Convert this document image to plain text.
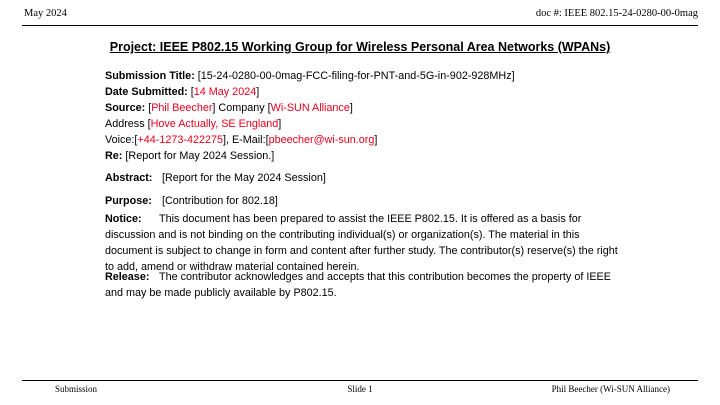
May 2024	doc #: IEEE 802.15-24-0280-00-0mag
Project: IEEE P802.15 Working Group for Wireless Personal Area Networks (WPANs)
Submission Title: [15-24-0280-00-0mag-FCC-filing-for-PNT-and-5G-in-902-928MHz]
Date Submitted: [14 May 2024]
Source: [Phil Beecher] Company [Wi-SUN Alliance]
Address [Hove Actually, SE England]
Voice:[+44-1273-422275], E-Mail:[pbeecher@wi-sun.org]
Re: [Report for May 2024 Session.]
Abstract: [Report for the May 2024 Session]
Purpose: [Contribution for 802.18]
Notice: This document has been prepared to assist the IEEE P802.15. It is offered as a basis for discussion and is not binding on the contributing individual(s) or organization(s). The material in this document is subject to change in form and content after further study. The contributor(s) reserve(s) the right to add, amend or withdraw material contained herein.
Release: The contributor acknowledges and accepts that this contribution becomes the property of IEEE and may be made publicly available by P802.15.
Submission	Slide 1	Phil Beecher (Wi-SUN Alliance)
